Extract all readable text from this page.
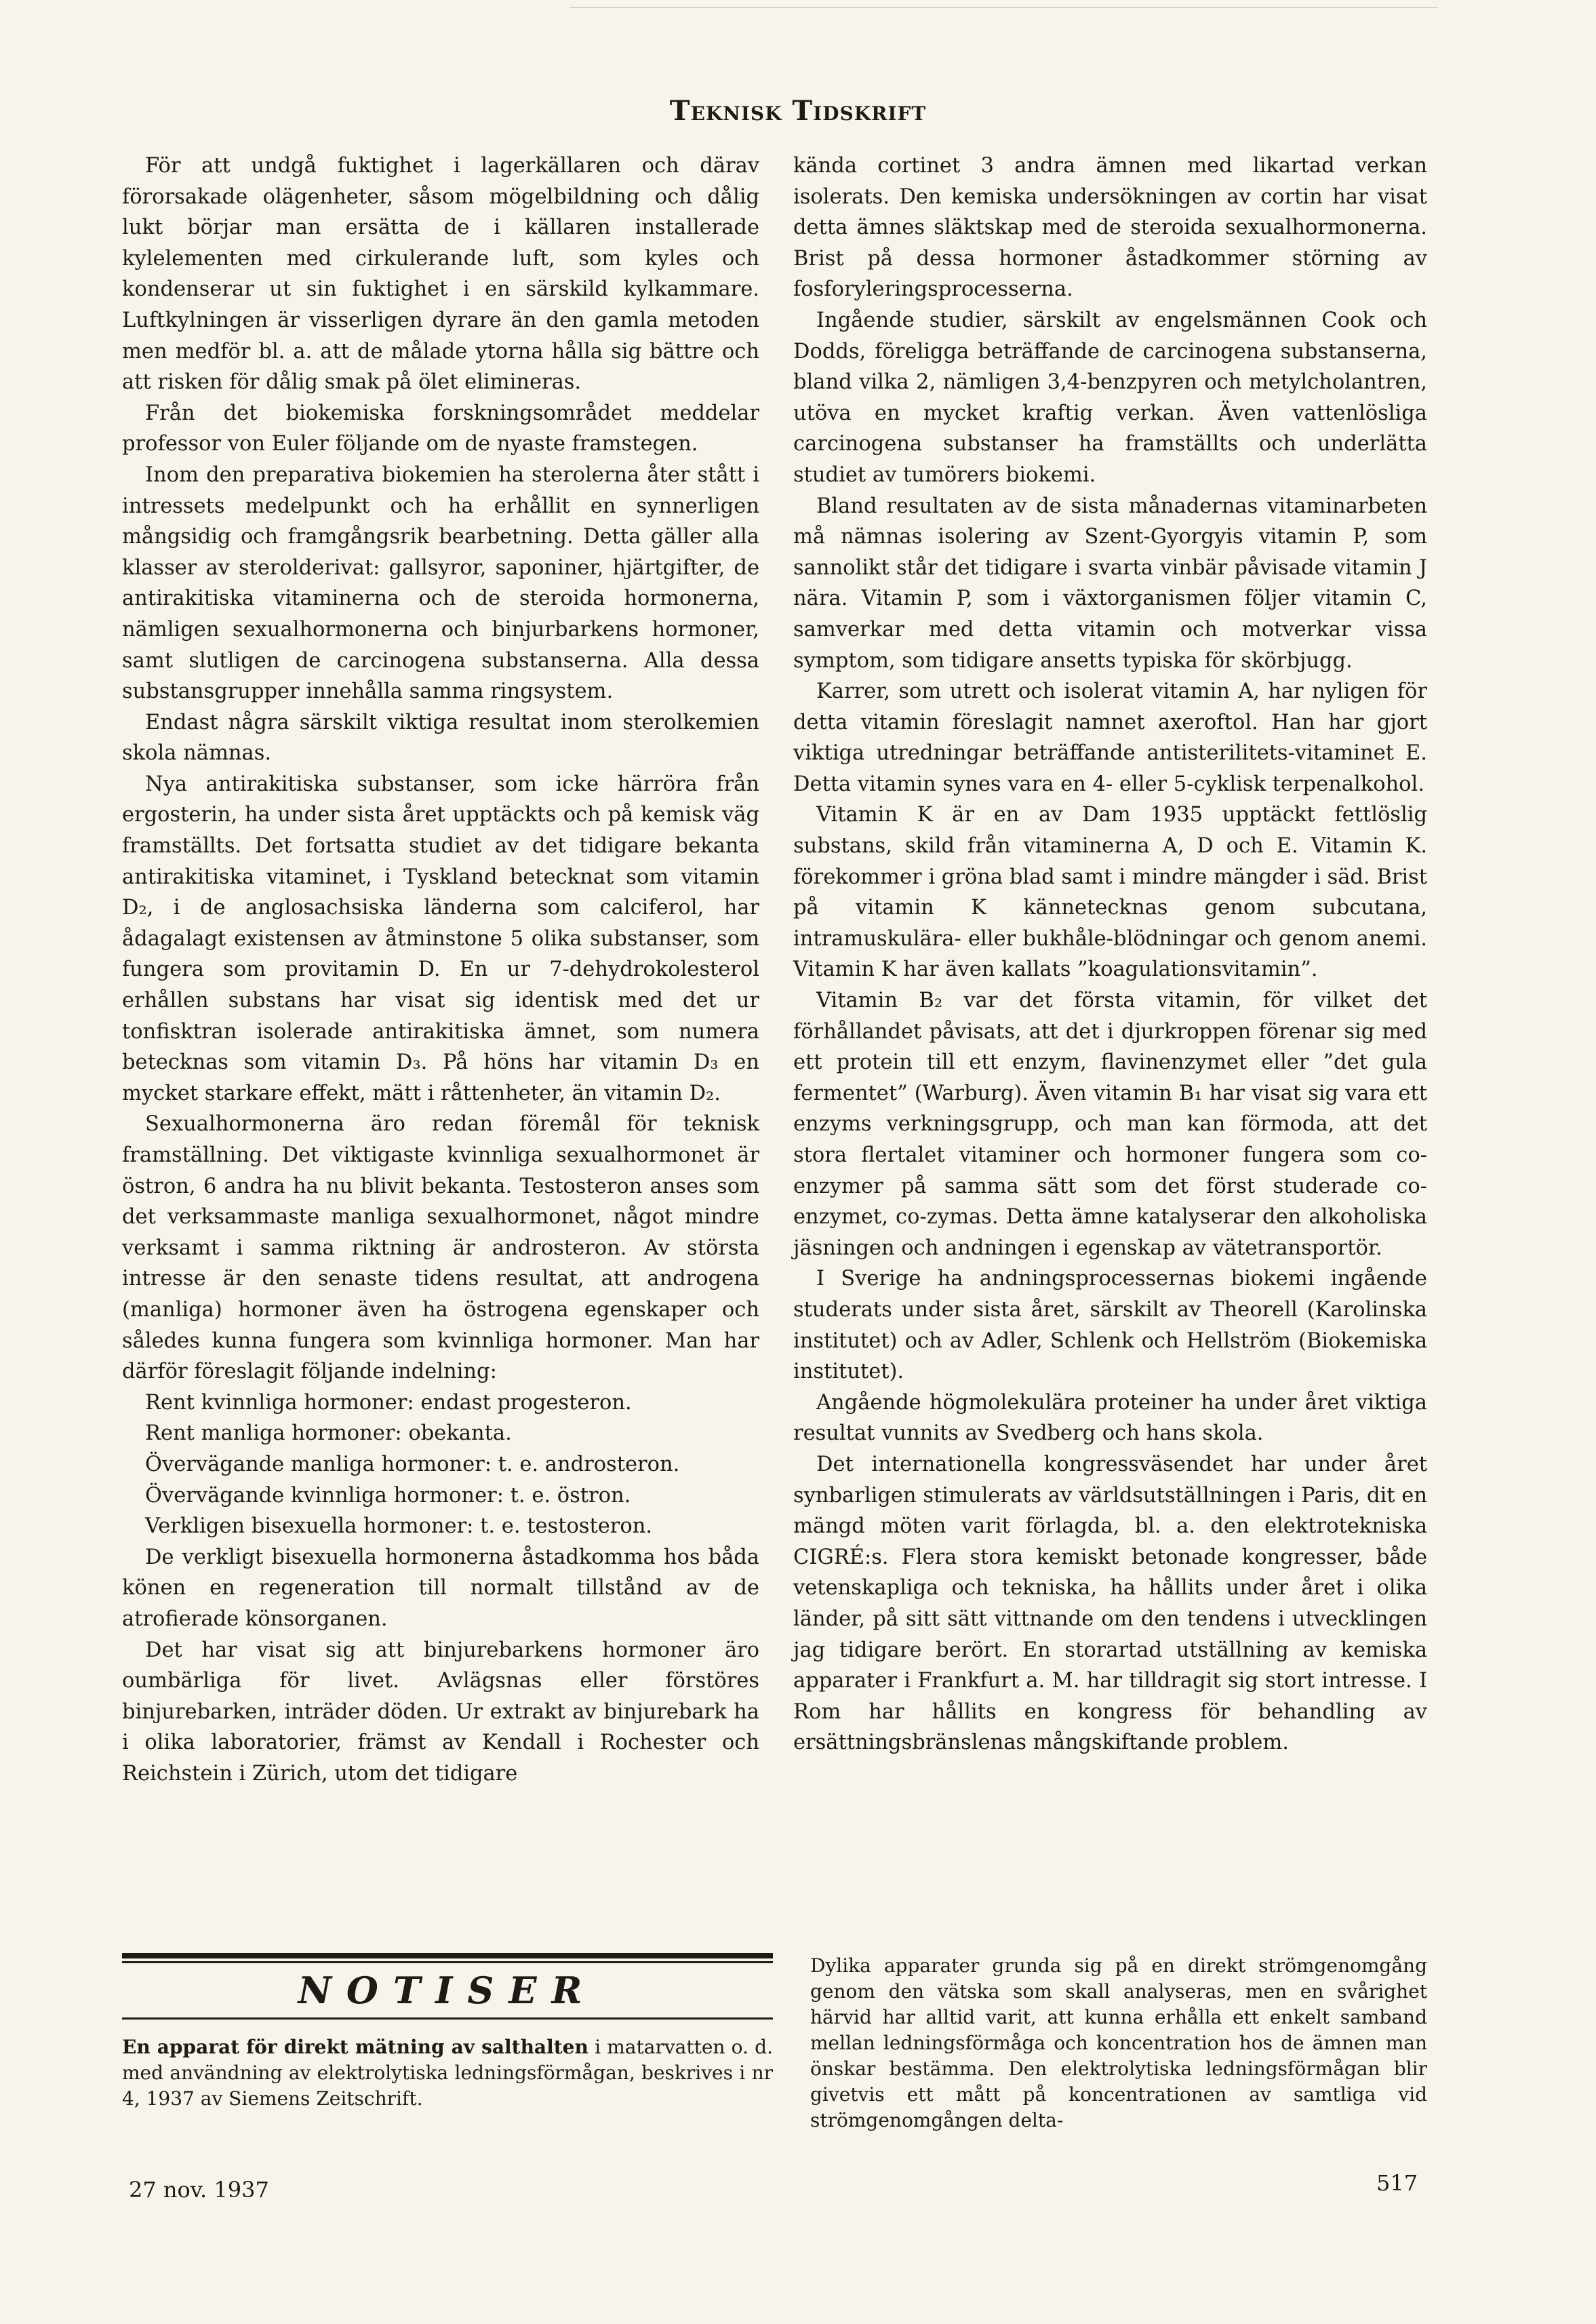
Teknisk Tidskrift

För att undgå fuktighet i lagerkällaren och därav förorsakade olägenheter, såsom mögelbildning och dålig lukt börjar man ersätta de i källaren installerade kylelementen med cirkulerande luft, som kyles och kondenserar ut sin fuktighet i en särskild kylkammare. Luftkylningen är visserligen dyrare än den gamla metoden men medför bl. a. att de målade ytorna hålla sig bättre och att risken för dålig smak på ölet elimineras.

Från det biokemiska forskningsområdet meddelar professor von Euler följande om de nyaste framstegen.

Inom den preparativa biokemien ha sterolerna åter stått i intressets medelpunkt och ha erhållit en synnerligen mångsidig och framgångsrik bearbetning. Detta gäller alla klasser av sterolderivat: gallsyror, saponiner, hjärtgifter, de antirakitiska vitaminerna och de steroida hormonerna, nämligen sexualhormonerna och binjurbarkens hormoner, samt slutligen de carcinogena substanserna. Alla dessa substansgrupper innehålla samma ringsystem.

Endast några särskilt viktiga resultat inom sterolkemien skola nämnas.

Nya antirakitiska substanser, som icke härröra från ergosterin, ha under sista året upptäckts och på kemisk väg framställts. Det fortsatta studiet av det tidigare bekanta antirakitiska vitaminet, i Tyskland betecknat som vitamin D₂, i de anglosachsiska länderna som calciferol, har ådagalagt existensen av åtminstone 5 olika substanser, som fungera som provitamin D. En ur 7-dehydrokolesterol erhållen substans har visat sig identisk med det ur tonfisktran isolerade antirakitiska ämnet, som numera betecknas som vitamin D₃. På höns har vitamin D₃ en mycket starkare effekt, mätt i råttenheter, än vitamin D₂.

Sexualhormonerna äro redan föremål för teknisk framställning. Det viktigaste kvinnliga sexualhormonet är östron, 6 andra ha nu blivit bekanta. Testosteron anses som det verksammaste manliga sexualhormonet, något mindre verksamt i samma riktning är androsteron. Av största intresse är den senaste tidens resultat, att androgena (manliga) hormoner även ha östrogena egenskaper och således kunna fungera som kvinnliga hormoner. Man har därför föreslagit följande indelning:

Rent kvinnliga hormoner: endast progesteron.

Rent manliga hormoner: obekanta.

Övervägande manliga hormoner: t. e. androsteron.

Övervägande kvinnliga hormoner: t. e. östron.

Verkligen bisexuella hormoner: t. e. testosteron.

De verkligt bisexuella hormonerna åstadkomma hos båda könen en regeneration till normalt tillstånd av de atrofierade könsorganen.

Det har visat sig att binjurebarkens hormoner äro oumbärliga för livet. Avlägsnas eller förstöres binjurebarken, inträder döden. Ur extrakt av binjurebark ha i olika laboratorier, främst av Kendall i Rochester och Reichstein i Zürich, utom det tidigare

kända cortinet 3 andra ämnen med likartad verkan isolerats. Den kemiska undersökningen av cortin har visat detta ämnes släktskap med de steroida sexualhormonerna. Brist på dessa hormoner åstadkommer störning av fosforyleringsprocesserna.

Ingående studier, särskilt av engelsmännen Cook och Dodds, föreligga beträffande de carcinogena substanserna, bland vilka 2, nämligen 3,4-benzpyren och metylcholantren, utöva en mycket kraftig verkan. Även vattenlösliga carcinogena substanser ha framställts och underlätta studiet av tumörers biokemi.

Bland resultaten av de sista månadernas vitaminarbeten må nämnas isolering av Szent-Gyorgyis vitamin P, som sannolikt står det tidigare i svarta vinbär påvisade vitamin J nära. Vitamin P, som i växtorganismen följer vitamin C, samverkar med detta vitamin och motverkar vissa symptom, som tidigare ansetts typiska för skörbjugg.

Karrer, som utrett och isolerat vitamin A, har nyligen för detta vitamin föreslagit namnet axeroftol. Han har gjort viktiga utredningar beträffande antisterilitets-vitaminet E. Detta vitamin synes vara en 4- eller 5-cyklisk terpenalkohol.

Vitamin K är en av Dam 1935 upptäckt fettlöslig substans, skild från vitaminerna A, D och E. Vitamin K. förekommer i gröna blad samt i mindre mängder i säd. Brist på vitamin K kännetecknas genom subcutana, intramuskulära- eller bukhåle-blödningar och genom anemi. Vitamin K har även kallats ”koagulationsvitamin”.

Vitamin B₂ var det första vitamin, för vilket det förhållandet påvisats, att det i djurkroppen förenar sig med ett protein till ett enzym, flavinenzymet eller ”det gula fermentet” (Warburg). Även vitamin B₁ har visat sig vara ett enzyms verkningsgrupp, och man kan förmoda, att det stora flertalet vitaminer och hormoner fungera som co-enzymer på samma sätt som det först studerade co-enzymet, co-zymas. Detta ämne katalyserar den alkoholiska jäsningen och andningen i egenskap av vätetransportör.

I Sverige ha andningsprocessernas biokemi ingående studerats under sista året, särskilt av Theorell (Karolinska institutet) och av Adler, Schlenk och Hellström (Biokemiska institutet).

Angående högmolekulära proteiner ha under året viktiga resultat vunnits av Svedberg och hans skola.

Det internationella kongressväsendet har under året synbarligen stimulerats av världsutställningen i Paris, dit en mängd möten varit förlagda, bl. a. den elektrotekniska CIGRÉ:s. Flera stora kemiskt betonade kongresser, både vetenskapliga och tekniska, ha hållits under året i olika länder, på sitt sätt vittnande om den tendens i utvecklingen jag tidigare berört. En storartad utställning av kemiska apparater i Frankfurt a. M. har tilldragit sig stort intresse. I Rom har hållits en kongress för behandling av ersättningsbränslenas mångskiftande problem.

NOTISER
En apparat för direkt mätning av salthalten i matarvatten o. d. med användning av elektrolytiska ledningsförmågan, beskrives i nr 4, 1937 av Siemens Zeitschrift.
Dylika apparater grunda sig på en direkt strömgenomgång genom den vätska som skall analyseras, men en svårighet härvid har alltid varit, att kunna erhålla ett enkelt samband mellan ledningsförmåga och koncentration hos de ämnen man önskar bestämma. Den elektrolytiska ledningsförmågan blir givetvis ett mått på koncentrationen av samtliga vid strömgenomgången delta-
27 nov. 1937	517
